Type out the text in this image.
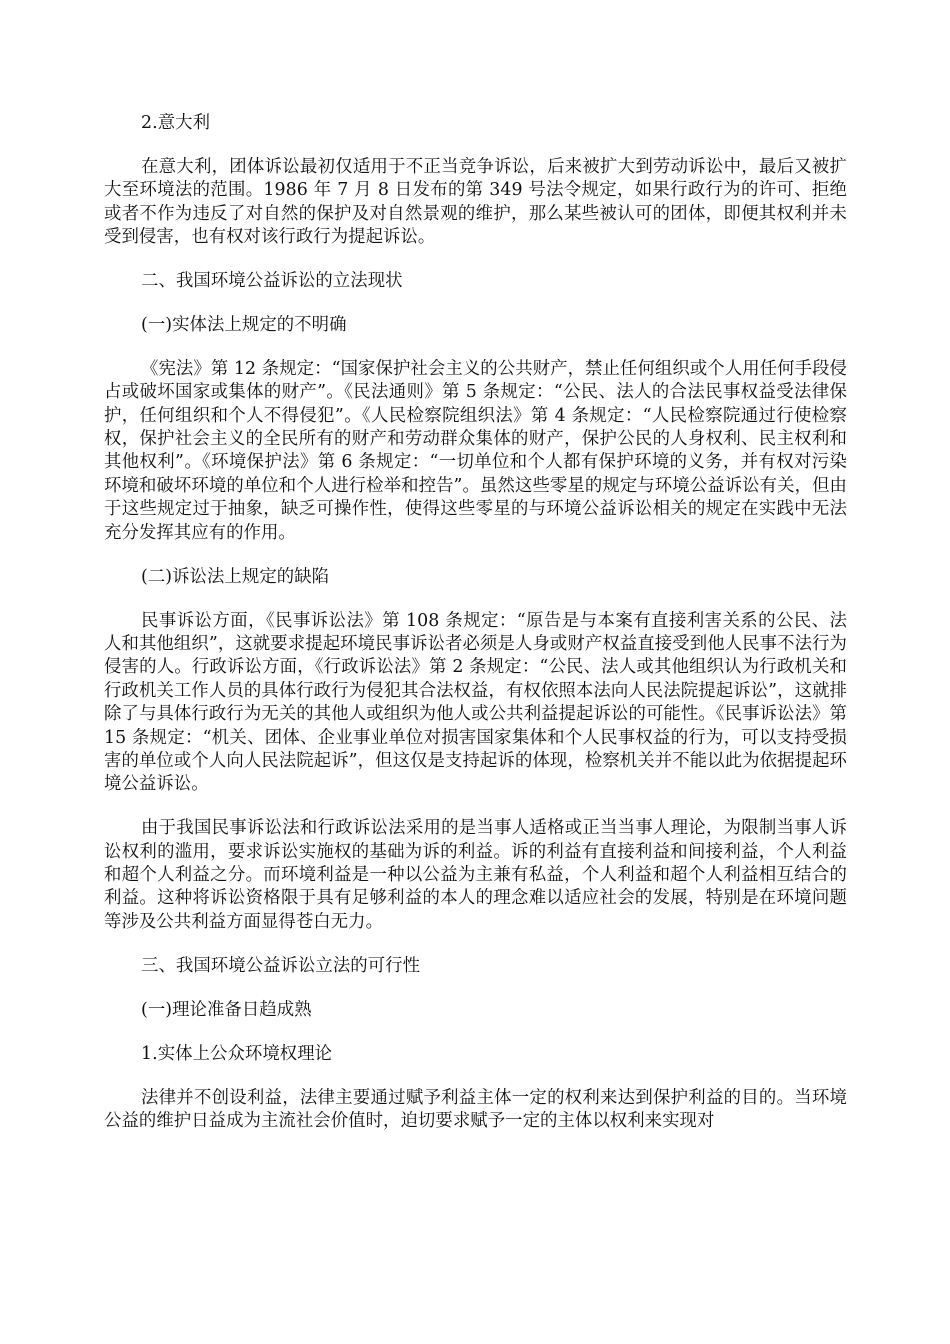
2.意大利

在意大利，团体诉讼最初仅适用于不正当竞争诉讼，后来被扩大到劳动诉讼中，最后又被扩大至环境法的范围。1986 年 7 月 8 日发布的第 349 号法令规定，如果行政行为的许可、拒绝或者不作为违反了对自然的保护及对自然景观的维护，那么某些被认可的团体，即便其权利并未受到侵害，也有权对该行政行为提起诉讼。

二、我国环境公益诉讼的立法现状

(一)实体法上规定的不明确

《宪法》第 12 条规定：“国家保护社会主义的公共财产，禁止任何组织或个人用任何手段侵占或破坏国家或集体的财产”。《民法通则》第 5 条规定：“公民、法人的合法民事权益受法律保护，任何组织和个人不得侵犯”。《人民检察院组织法》第 4 条规定：“人民检察院通过行使检察权，保护社会主义的全民所有的财产和劳动群众集体的财产，保护公民的人身权利、民主权利和其他权利”。《环境保护法》第 6 条规定：“一切单位和个人都有保护环境的义务，并有权对污染环境和破坏环境的单位和个人进行检举和控告”。虽然这些零星的规定与环境公益诉讼有关，但由于这些规定过于抽象，缺乏可操作性，使得这些零星的与环境公益诉讼相关的规定在实践中无法充分发挥其应有的作用。

(二)诉讼法上规定的缺陷

民事诉讼方面，《民事诉讼法》第 108 条规定：“原告是与本案有直接利害关系的公民、法人和其他组织”，这就要求提起环境民事诉讼者必须是人身或财产权益直接受到他人民事不法行为侵害的人。行政诉讼方面，《行政诉讼法》第 2 条规定：“公民、法人或其他组织认为行政机关和行政机关工作人员的具体行政行为侵犯其合法权益，有权依照本法向人民法院提起诉讼”，这就排除了与具体行政行为无关的其他人或组织为他人或公共利益提起诉讼的可能性。《民事诉讼法》第 15 条规定：“机关、团体、企业事业单位对损害国家集体和个人民事权益的行为，可以支持受损害的单位或个人向人民法院起诉”，但这仅是支持起诉的体现，检察机关并不能以此为依据提起环境公益诉讼。

由于我国民事诉讼法和行政诉讼法采用的是当事人适格或正当当事人理论，为限制当事人诉讼权利的滥用，要求诉讼实施权的基础为诉的利益。诉的利益有直接利益和间接利益，个人利益和超个人利益之分。而环境利益是一种以公益为主兼有私益，个人利益和超个人利益相互结合的利益。这种将诉讼资格限于具有足够利益的本人的理念难以适应社会的发展，特别是在环境问题等涉及公共利益方面显得苍白无力。

三、我国环境公益诉讼立法的可行性

(一)理论准备日趋成熟

1.实体上公众环境权理论

法律并不创设利益，法律主要通过赋予利益主体一定的权利来达到保护利益的目的。当环境公益的维护日益成为主流社会价值时，迫切要求赋予一定的主体以权利来实现对
